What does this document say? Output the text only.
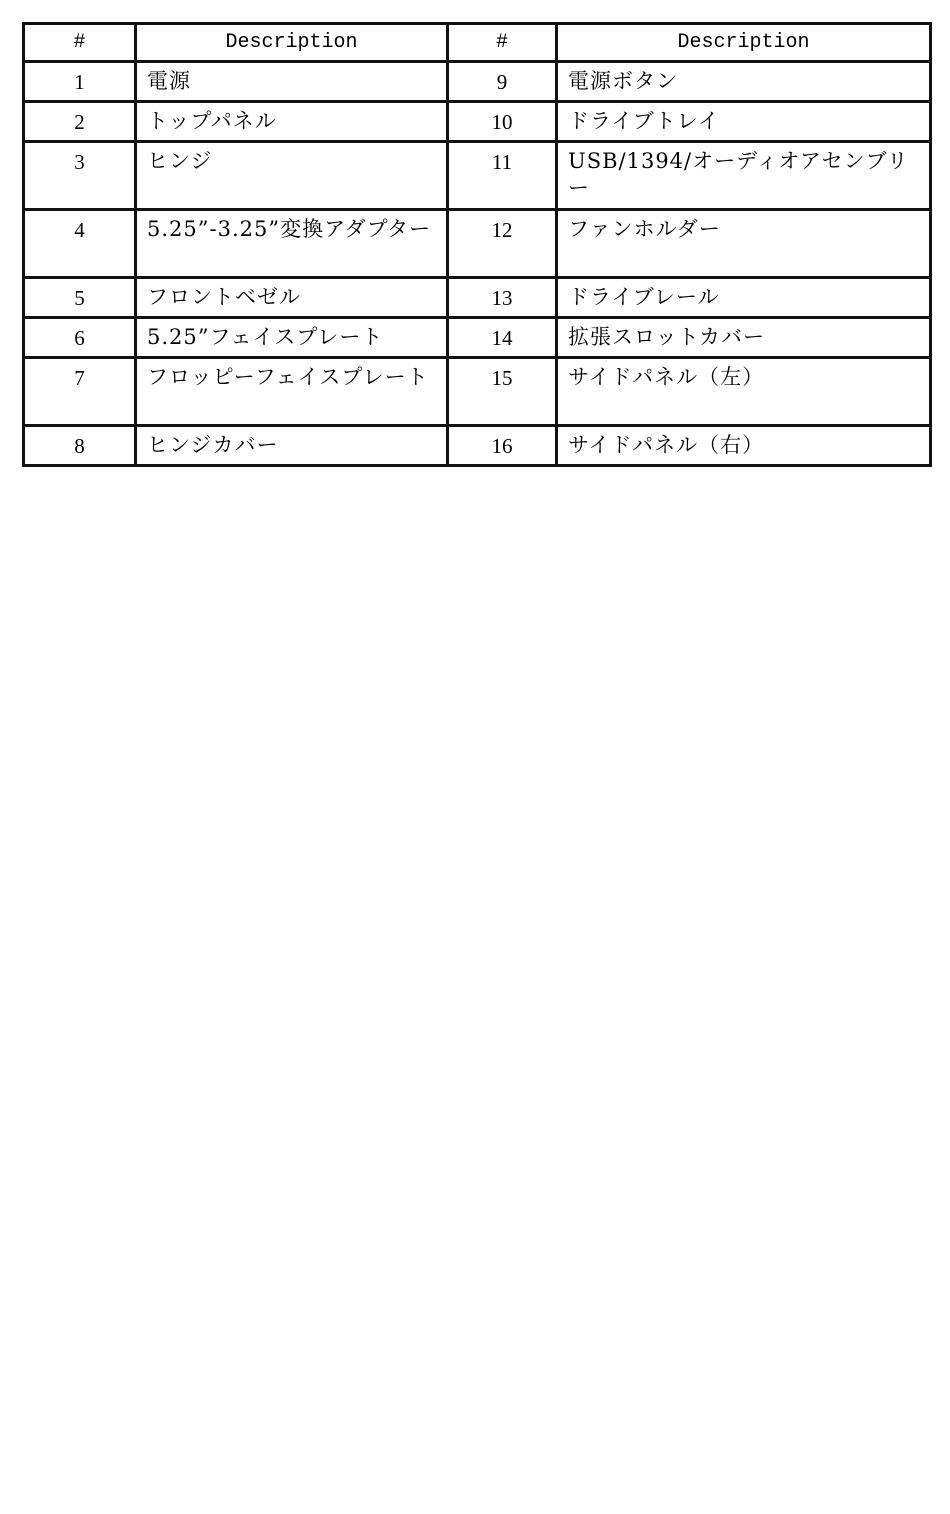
#	Description	#	Description
1	電源	9	電源ボタン
2	トップパネル	10	ドライブトレイ
3	ヒンジ	11	USB/1394/オーディオアセンブリー
4	5.25”-3.25”変換アダプター	12	ファンホルダー
5	フロントベゼル	13	ドライブレール
6	5.25”フェイスプレート	14	拡張スロットカバー
7	フロッピーフェイスプレート	15	サイドパネル（左）
8	ヒンジカバー	16	サイドパネル（右）
